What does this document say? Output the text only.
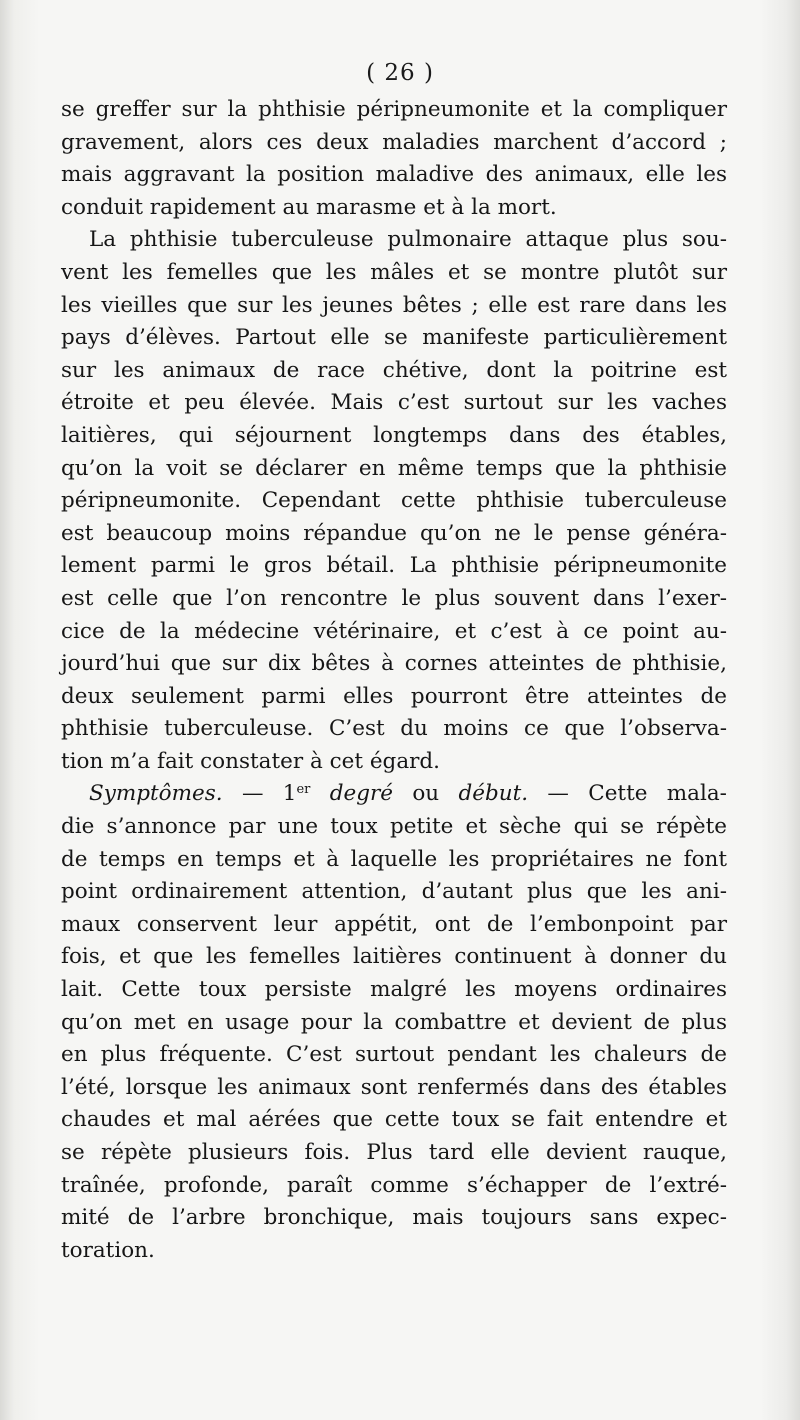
( 26 )
se greffer sur la phthisie péripneumonite et la compliquer
gravement, alors ces deux maladies marchent d’accord ;
mais aggravant la position maladive des animaux, elle les
conduit rapidement au marasme et à la mort.
La phthisie tuberculeuse pulmonaire attaque plus sou-
vent les femelles que les mâles et se montre plutôt sur
les vieilles que sur les jeunes bêtes ; elle est rare dans les
pays d’élèves. Partout elle se manifeste particulièrement
sur les animaux de race chétive, dont la poitrine est
étroite et peu élevée. Mais c’est surtout sur les vaches
laitières, qui séjournent longtemps dans des étables,
qu’on la voit se déclarer en même temps que la phthisie
péripneumonite. Cependant cette phthisie tuberculeuse
est beaucoup moins répandue qu’on ne le pense généra-
lement parmi le gros bétail. La phthisie péripneumonite
est celle que l’on rencontre le plus souvent dans l’exer-
cice de la médecine vétérinaire, et c’est à ce point au-
jourd’hui que sur dix bêtes à cornes atteintes de phthisie,
deux seulement parmi elles pourront être atteintes de
phthisie tuberculeuse. C’est du moins ce que l’observa-
tion m’a fait constater à cet égard.
Symptômes. — 1er degré ou début. — Cette mala-
die s’annonce par une toux petite et sèche qui se répète
de temps en temps et à laquelle les propriétaires ne font
point ordinairement attention, d’autant plus que les ani-
maux conservent leur appétit, ont de l’embonpoint par
fois, et que les femelles laitières continuent à donner du
lait. Cette toux persiste malgré les moyens ordinaires
qu’on met en usage pour la combattre et devient de plus
en plus fréquente. C’est surtout pendant les chaleurs de
l’été, lorsque les animaux sont renfermés dans des étables
chaudes et mal aérées que cette toux se fait entendre et
se répète plusieurs fois. Plus tard elle devient rauque,
traînée, profonde, paraît comme s’échapper de l’extré-
mité de l’arbre bronchique, mais toujours sans expec-
toration.
